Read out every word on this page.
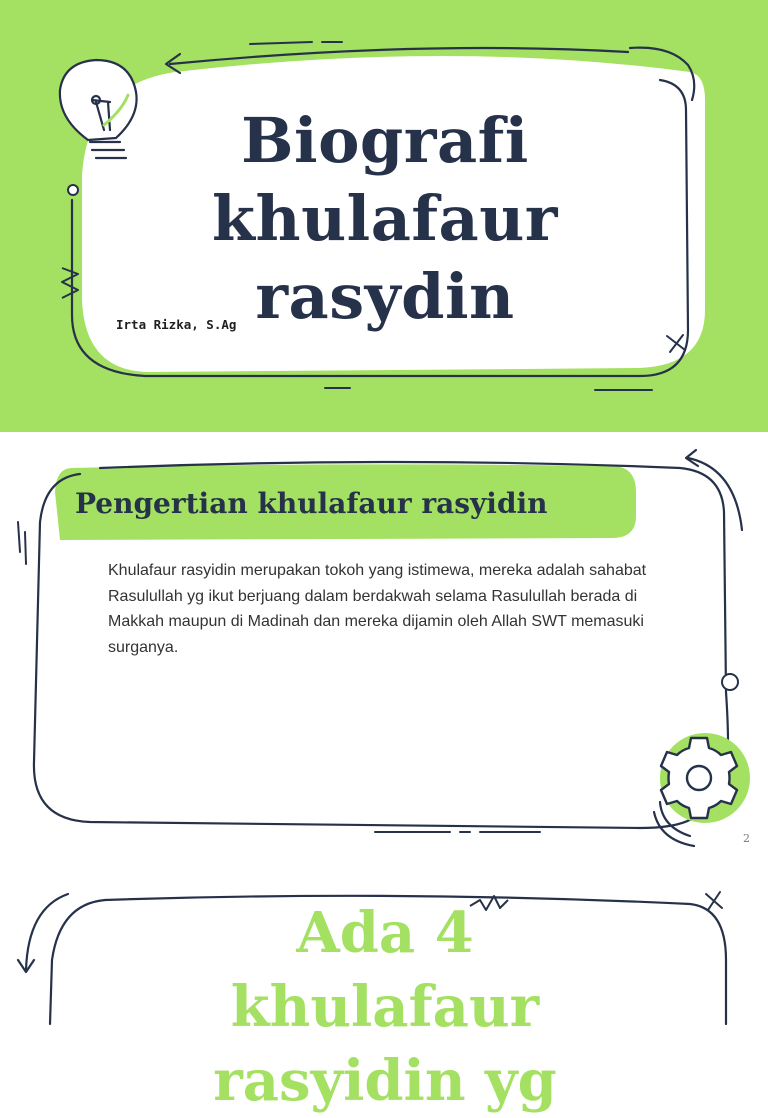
Biografi khulafaur rasydin

Irta Rizka, S.Ag

Pengertian khulafaur rasyidin

Khulafaur rasyidin merupakan tokoh yang istimewa, mereka adalah sahabat Rasulullah yg ikut berjuang dalam berdakwah selama Rasulullah berada di Makkah maupun di Madinah dan mereka dijamin oleh Allah SWT memasuki surganya.

2

Ada 4 khulafaur rasyidin yg
